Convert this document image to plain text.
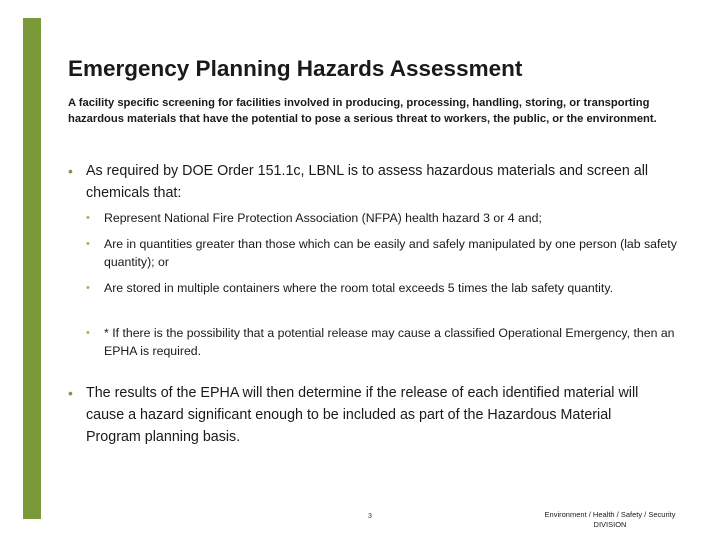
Emergency Planning Hazards Assessment

A facility specific screening for facilities involved in producing, processing, handling, storing, or transporting hazardous materials that have the potential to pose a serious threat to workers, the public, or the environment.

• As required by DOE Order 151.1c, LBNL is to assess hazardous materials and screen all chemicals that:
• Represent National Fire Protection Association (NFPA) health hazard 3 or 4 and;
• Are in quantities greater than those which can be easily and safely manipulated by one person (lab safety quantity); or
• Are stored in multiple containers where the room total exceeds 5 times the lab safety quantity.
• * If there is the possibility that a potential release may cause a classified Operational Emergency, then an EPHA is required.
• The results of the EPHA will then determine if the release of each identified material will cause a hazard significant enough to be included as part of the Hazardous Material Program planning basis.
3	Environment / Health / Safety / Security
DIVISION
